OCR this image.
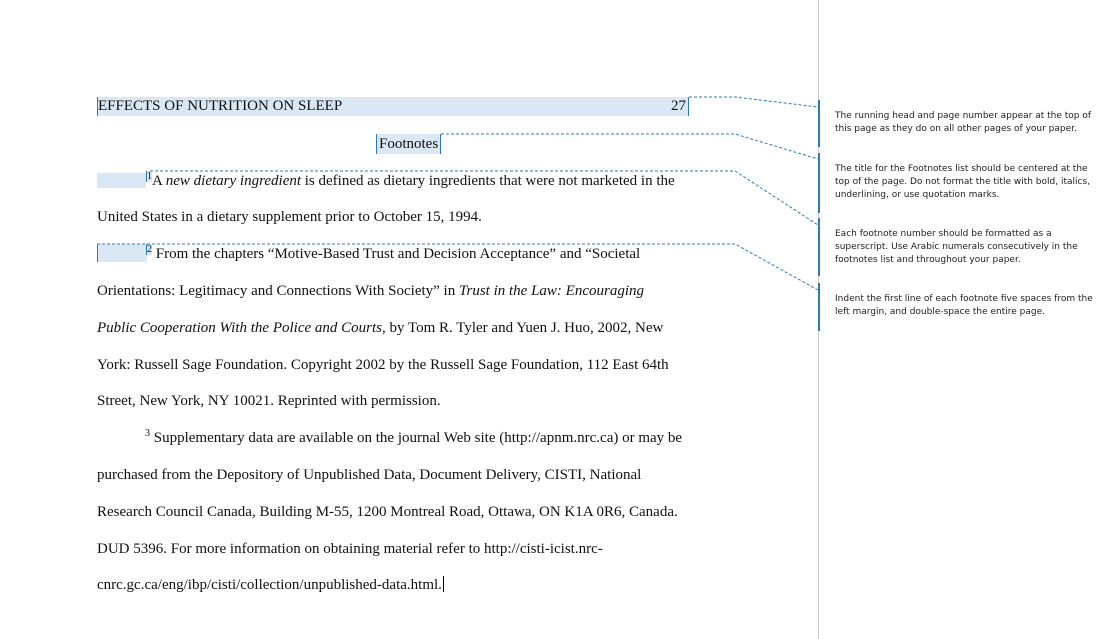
EFFECTS OF NUTRITION ON SLEEP	27
Footnotes
$^1$A new dietary ingredient is defined as dietary ingredients that were not marketed in the
United States in a dietary supplement prior to October 15, 1994.
$^2$ From the chapters “Motive-Based Trust and Decision Acceptance” and “Societal
Orientations: Legitimacy and Connections With Society” in Trust in the Law: Encouraging
Public Cooperation With the Police and Courts, by Tom R. Tyler and Yuen J. Huo, 2002, New
York: Russell Sage Foundation. Copyright 2002 by the Russell Sage Foundation, 112 East 64th
Street, New York, NY 10021. Reprinted with permission.
$^3$ Supplementary data are available on the journal Web site (http://apnm.nrc.ca) or may be
purchased from the Depository of Unpublished Data, Document Delivery, CISTI, National
Research Council Canada, Building M-55, 1200 Montreal Road, Ottawa, ON K1A 0R6, Canada.
DUD 5396. For more information on obtaining material refer to http://cisti-icist.nrc-
cnrc.gc.ca/eng/ibp/cisti/collection/unpublished-data.html.
The running head and page number appear at the top of this page as they do on all other pages of your paper.
The title for the Footnotes list should be centered at the top of the page. Do not format the title with bold, italics, underlining, or use quotation marks.
Each footnote number should be formatted as a superscript. Use Arabic numerals consecutively in the footnotes list and throughout your paper.
Indent the first line of each footnote five spaces from the left margin, and double-space the entire page.
